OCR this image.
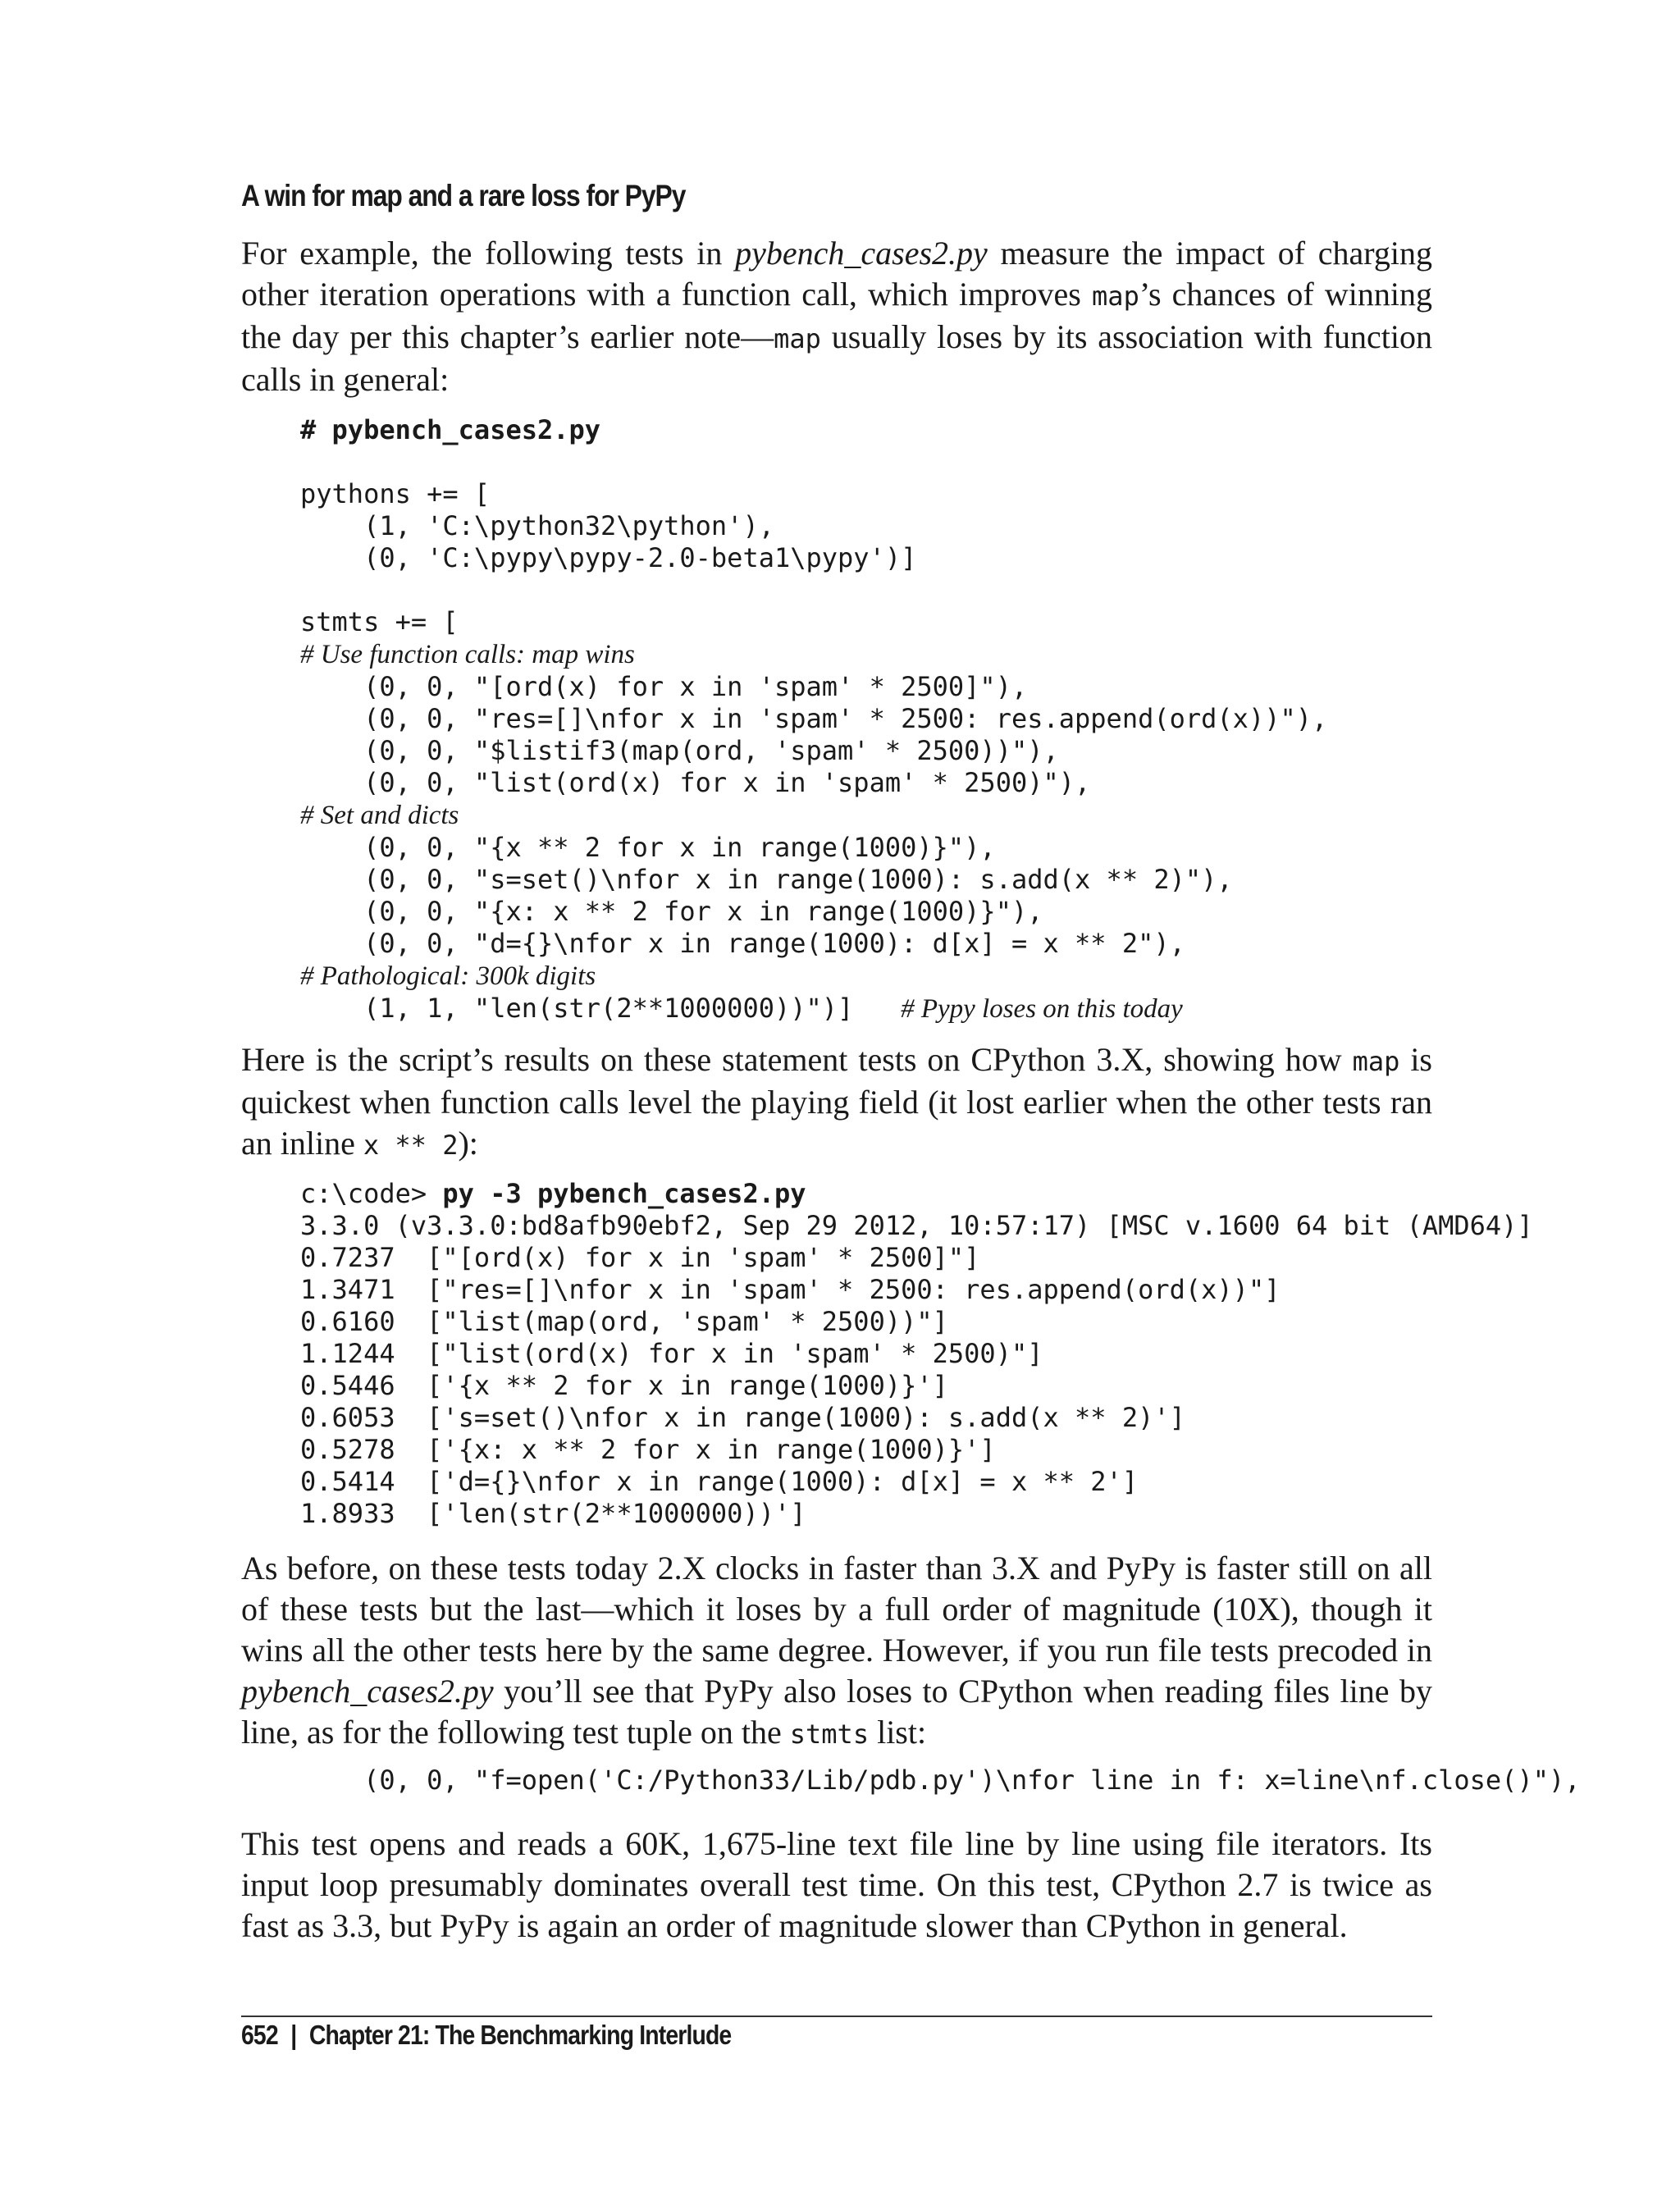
A win for map and a rare loss for PyPy

For example, the following tests in pybench_cases2.py measure the impact of charging other iteration operations with a function call, which improves map’s chances of winning the day per this chapter’s earlier note—map usually loses by its association with function calls in general:

# pybench_cases2.py

pythons += [
(1, 'C:\python32\python'),
(0, 'C:\pypy\pypy-2.0-beta1\pypy')]

stmts += [
# Use function calls: map wins
(0, 0, "[ord(x) for x in 'spam' * 2500]"),
(0, 0, "res=[]\nfor x in 'spam' * 2500: res.append(ord(x))"),
(0, 0, "$listif3(map(ord, 'spam' * 2500))"),
(0, 0, "list(ord(x) for x in 'spam' * 2500)"),
# Set and dicts
(0, 0, "{x ** 2 for x in range(1000)}"),
(0, 0, "s=set()\nfor x in range(1000): s.add(x ** 2)"),
(0, 0, "{x: x ** 2 for x in range(1000)}"),
(0, 0, "d={}\nfor x in range(1000): d[x] = x ** 2"),
# Pathological: 300k digits
(1, 1, "len(str(2**1000000))")]   # Pypy loses on this today

Here is the script’s results on these statement tests on CPython 3.X, showing how map is quickest when function calls level the playing field (it lost earlier when the other tests ran an inline x ** 2):

c:\code> py -3 pybench_cases2.py
3.3.0 (v3.3.0:bd8afb90ebf2, Sep 29 2012, 10:57:17) [MSC v.1600 64 bit (AMD64)]
0.7237  ["[ord(x) for x in 'spam' * 2500]"]
1.3471  ["res=[]\nfor x in 'spam' * 2500: res.append(ord(x))"]
0.6160  ["list(map(ord, 'spam' * 2500))"]
1.1244  ["list(ord(x) for x in 'spam' * 2500)"]
0.5446  ['{x ** 2 for x in range(1000)}']
0.6053  ['s=set()\nfor x in range(1000): s.add(x ** 2)']
0.5278  ['{x: x ** 2 for x in range(1000)}']
0.5414  ['d={}\nfor x in range(1000): d[x] = x ** 2']
1.8933  ['len(str(2**1000000))']

As before, on these tests today 2.X clocks in faster than 3.X and PyPy is faster still on all of these tests but the last—which it loses by a full order of magnitude (10X), though it wins all the other tests here by the same degree. However, if you run file tests precoded in pybench_cases2.py you’ll see that PyPy also loses to CPython when reading files line by line, as for the following test tuple on the stmts list:

(0, 0, "f=open('C:/Python33/Lib/pdb.py')\nfor line in f: x=line\nf.close()"),

This test opens and reads a 60K, 1,675-line text file line by line using file iterators. Its input loop presumably dominates overall test time. On this test, CPython 2.7 is twice as fast as 3.3, but PyPy is again an order of magnitude slower than CPython in general.

652 | Chapter 21: The Benchmarking Interlude
